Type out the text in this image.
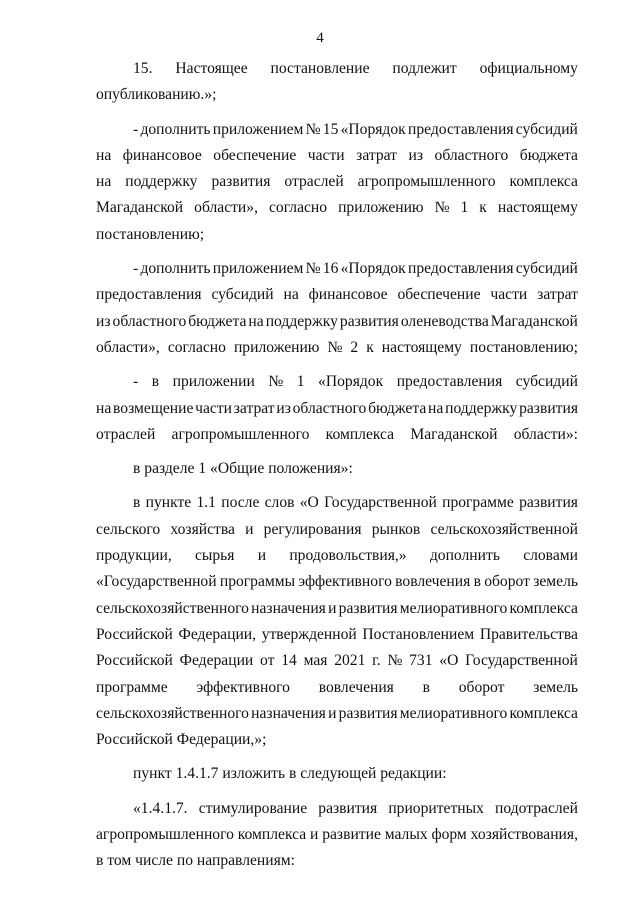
4
15. Настоящее постановление подлежит официальному
опубликованию.»;
- дополнить приложением № 15 «Порядок предоставления субсидий
на финансовое обеспечение части затрат из областного бюджета
на поддержку развития отраслей агропромышленного комплекса
Магаданской области», согласно приложению № 1 к настоящему
постановлению;
- дополнить приложением № 16 «Порядок предоставления субсидий
предоставления субсидий на финансовое обеспечение части затрат
из областного бюджета на поддержку развития оленеводства Магаданской
области», согласно приложению № 2 к настоящему постановлению;
- в приложении № 1 «Порядок предоставления субсидий
на возмещение части затрат из областного бюджета на поддержку развития
отраслей агропромышленного комплекса Магаданской области»:
в разделе 1 «Общие положения»:
в пункте 1.1 после слов «О Государственной программе развития
сельского хозяйства и регулирования рынков сельскохозяйственной
продукции, сырья и продовольствия,» дополнить словами
«Государственной программы эффективного вовлечения в оборот земель
сельскохозяйственного назначения и развития мелиоративного комплекса
Российской Федерации, утвержденной Постановлением Правительства
Российской Федерации от 14 мая 2021 г. № 731 «О Государственной
программе эффективного вовлечения в оборот земель
сельскохозяйственного назначения и развития мелиоративного комплекса
Российской Федерации,»;
пункт 1.4.1.7 изложить в следующей редакции:
«1.4.1.7. стимулирование развития приоритетных подотраслей
агропромышленного комплекса и развитие малых форм хозяйствования,
в том числе по направлениям:
